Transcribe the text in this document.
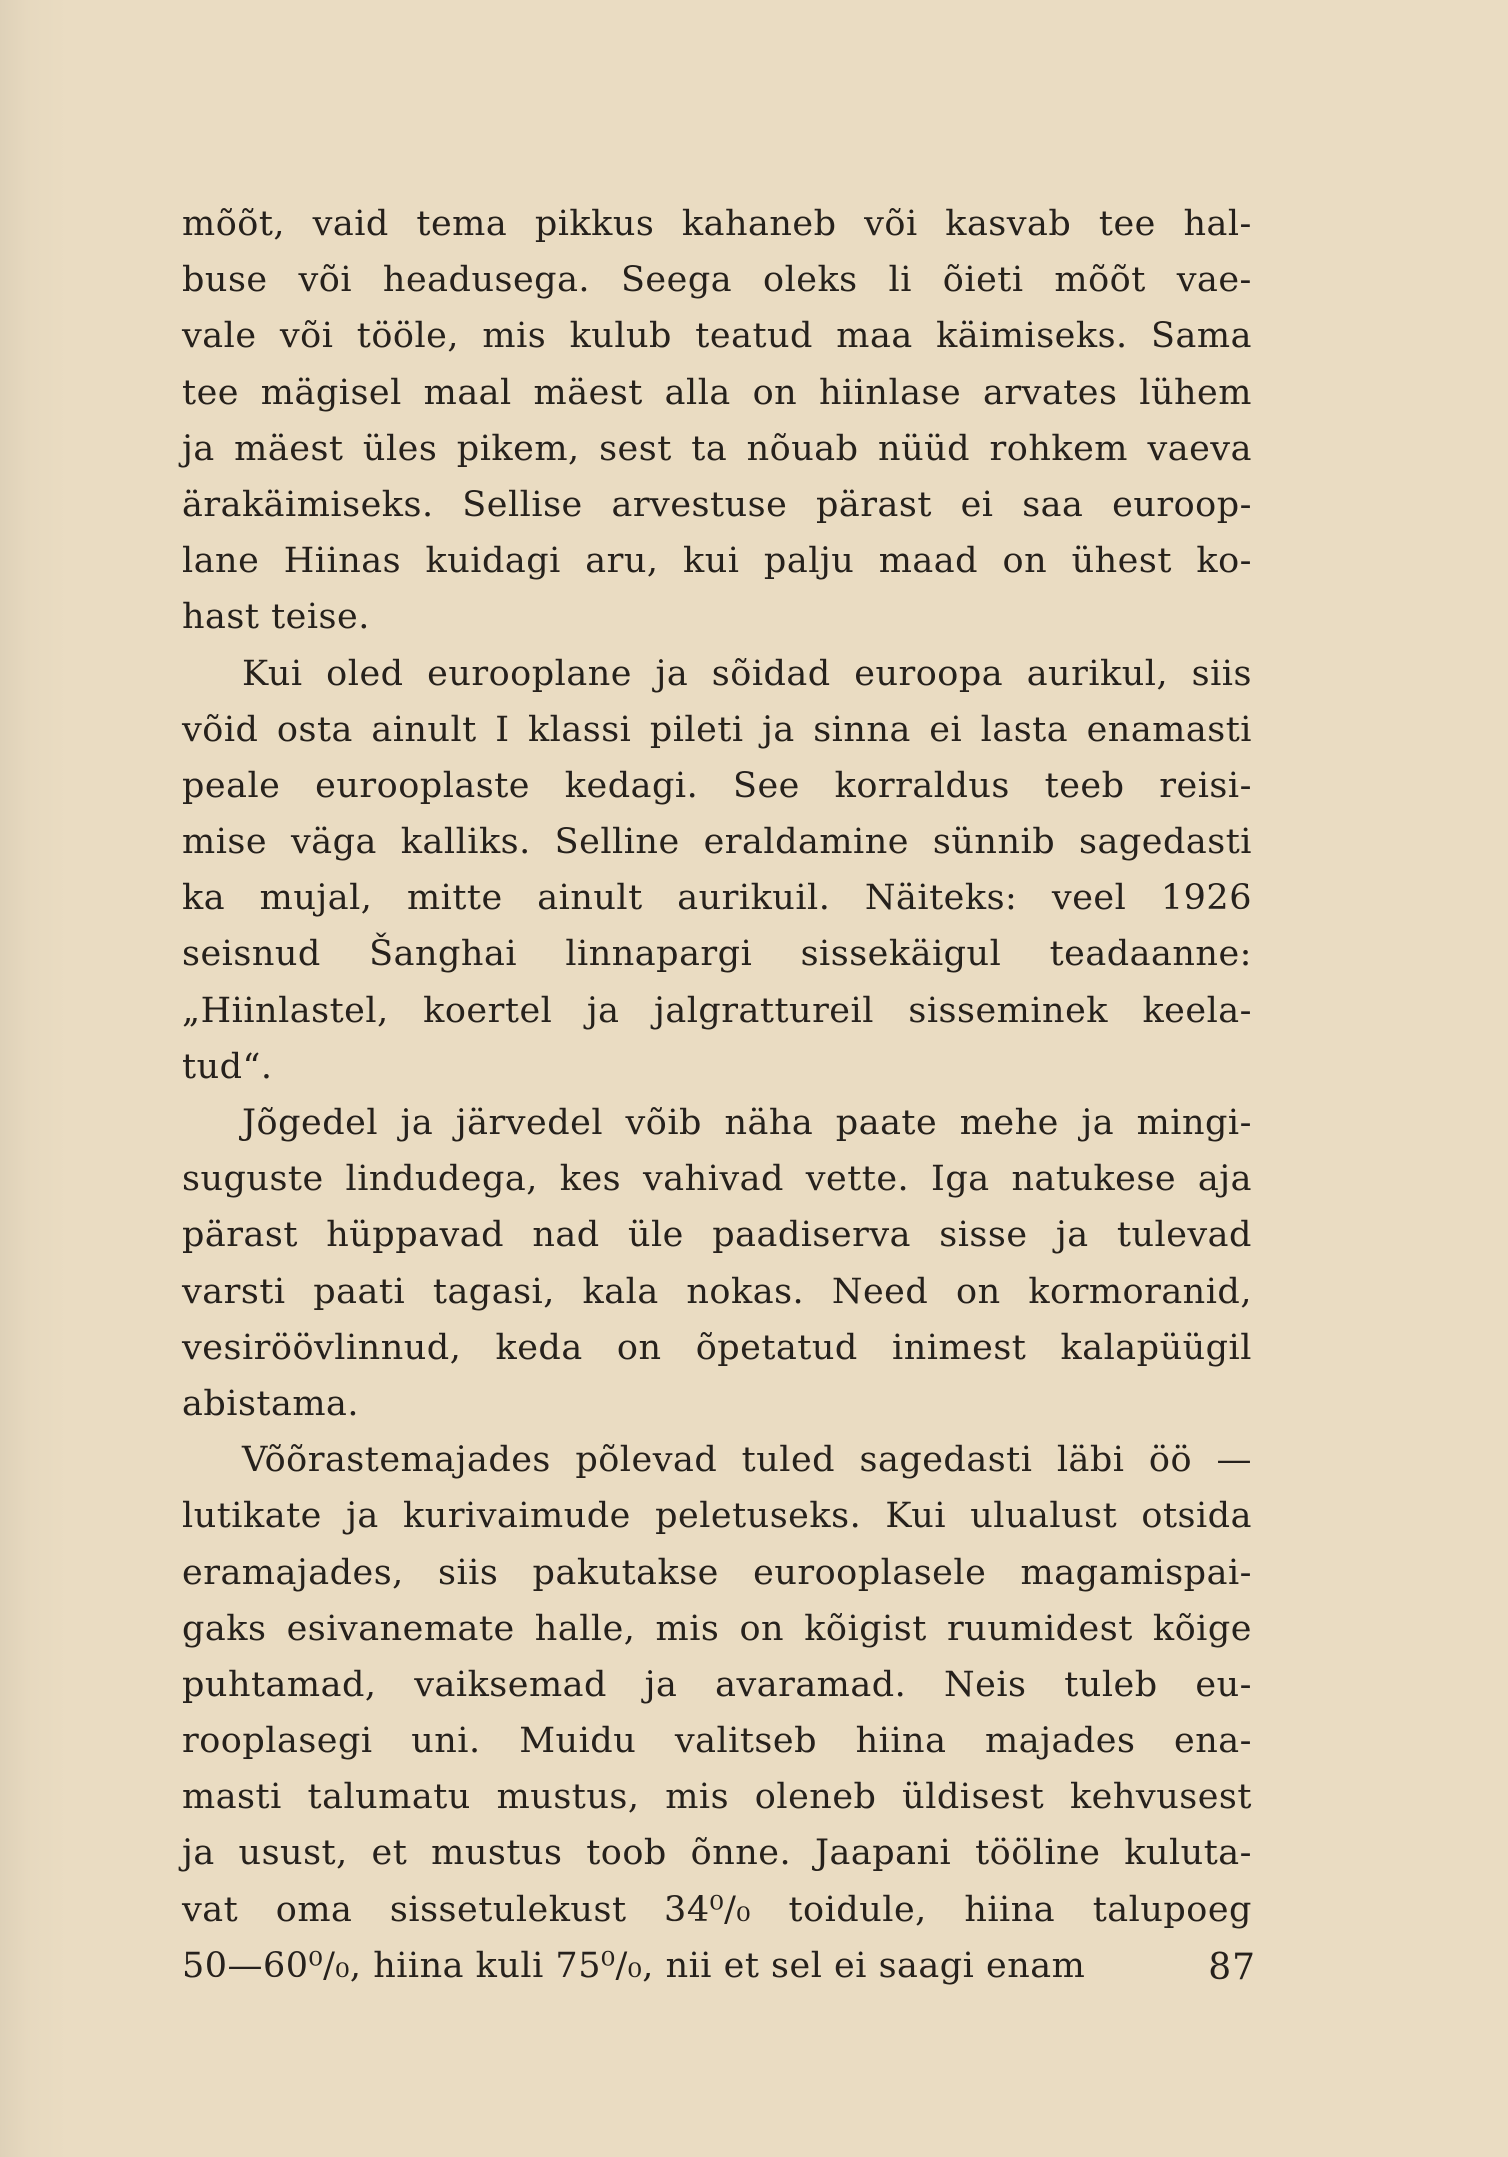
mõõt, vaid tema pikkus kahaneb või kasvab tee hal-
buse või headusega. Seega oleks li õieti mõõt vae-
vale või tööle, mis kulub teatud maa käimiseks. Sama
tee mägisel maal mäest alla on hiinlase arvates lühem
ja mäest üles pikem, sest ta nõuab nüüd rohkem vaeva
ärakäimiseks. Sellise arvestuse pärast ei saa euroop-
lane Hiinas kuidagi aru, kui palju maad on ühest ko-
hast teise.
Kui oled eurooplane ja sõidad euroopa aurikul, siis
võid osta ainult I klassi pileti ja sinna ei lasta enamasti
peale eurooplaste kedagi. See korraldus teeb reisi-
mise väga kalliks. Selline eraldamine sünnib sagedasti
ka mujal, mitte ainult aurikuil. Näiteks: veel 1926
seisnud Šanghai linnapargi sissekäigul teadaanne:
„Hiinlastel, koertel ja jalgrattureil sisseminek keela-
tud“.
Jõgedel ja järvedel võib näha paate mehe ja mingi-
suguste lindudega, kes vahivad vette. Iga natukese aja
pärast hüppavad nad üle paadiserva sisse ja tulevad
varsti paati tagasi, kala nokas. Need on kormoranid,
vesiröövlinnud, keda on õpetatud inimest kalapüügil
abistama.
Võõrastemajades põlevad tuled sagedasti läbi öö —
lutikate ja kurivaimude peletuseks. Kui ulualust otsida
eramajades, siis pakutakse eurooplasele magamispai-
gaks esivanemate halle, mis on kõigist ruumidest kõige
puhtamad, vaiksemad ja avaramad. Neis tuleb eu-
rooplasegi uni. Muidu valitseb hiina majades ena-
masti talumatu mustus, mis oleneb üldisest kehvusest
ja usust, et mustus toob õnne. Jaapani tööline kuluta-
vat oma sissetulekust 34⁰/₀ toidule, hiina talupoeg
50—60⁰/₀, hiina kuli 75⁰/₀, nii et sel ei saagi enam	87
